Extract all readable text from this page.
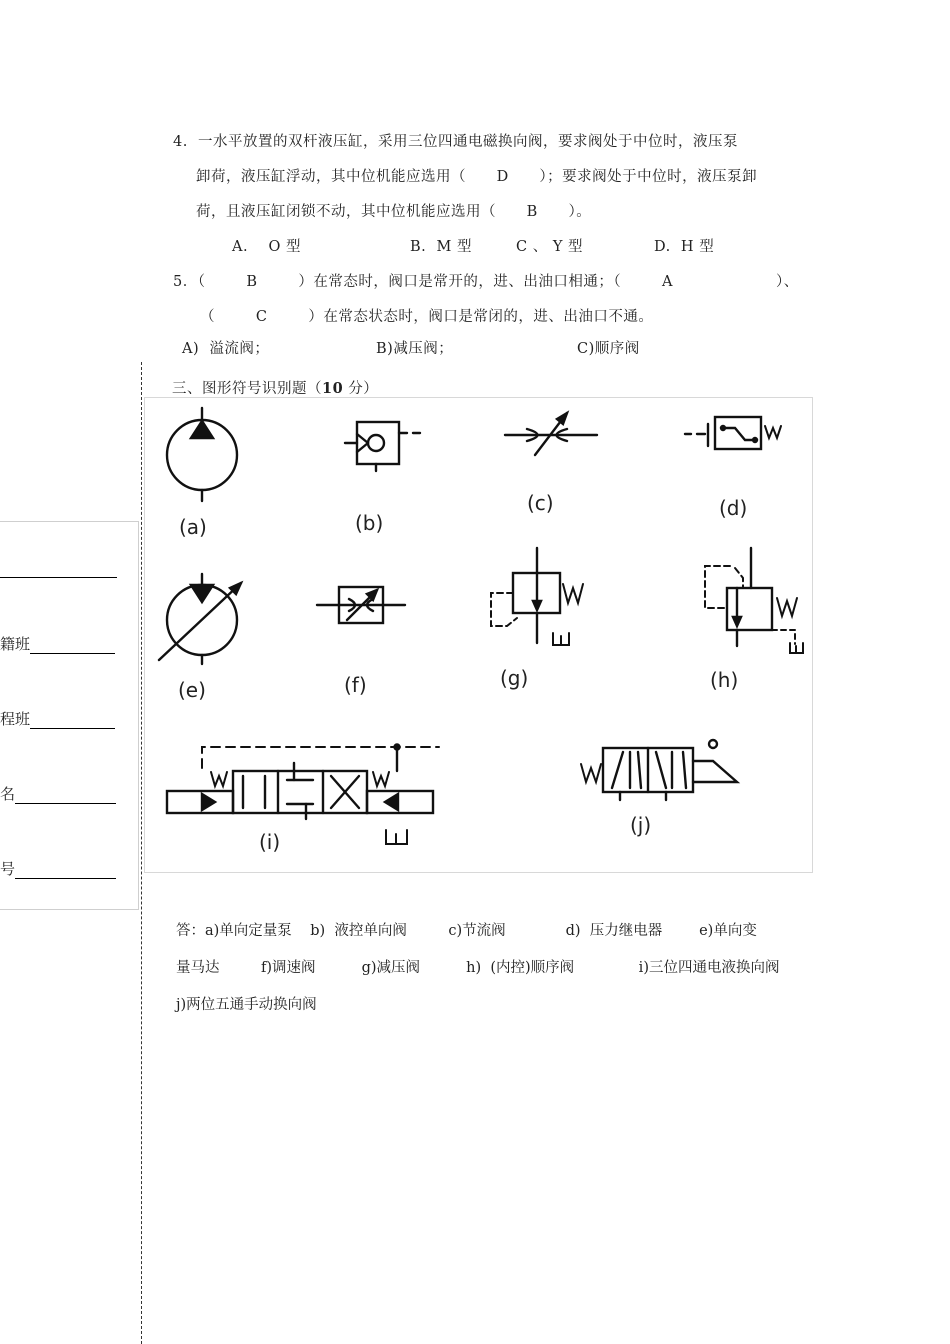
4.  一水平放置的双杆液压缸，采用三位四通电磁换向阀，要求阀处于中位时，液压泵
卸荷，液压缸浮动，其中位机能应选用（      D      ）；要求阀处于中位时，液压泵卸
荷，且液压缸闭锁不动，其中位机能应选用（      B      ）。
A.    O 型	B.  M 型	C 、 Y 型	D.  H 型
5．（        B        ）在常态时，阀口是常开的，进、出油口相通；（        A	）、
（        C        ）在常态状态时，阀口是常闭的，进、出油口不通。
A)  溢流阀；	B)减压阀；	C)顺序阀
三、图形符号识别题（10 分）
籍班
程班
名
号
(a)	(b)
(c)	(d)
(e)	(f)	(g)	(h)
(i)
(j)
答：a)单向定量泵    b)  液控单向阀         c)节流阀             d)  压力继电器        e)单向变
量马达         f)调速阀          g)减压阀          h)  (内控)顺序阀              i)三位四通电液换向阀
j)两位五通手动换向阀
